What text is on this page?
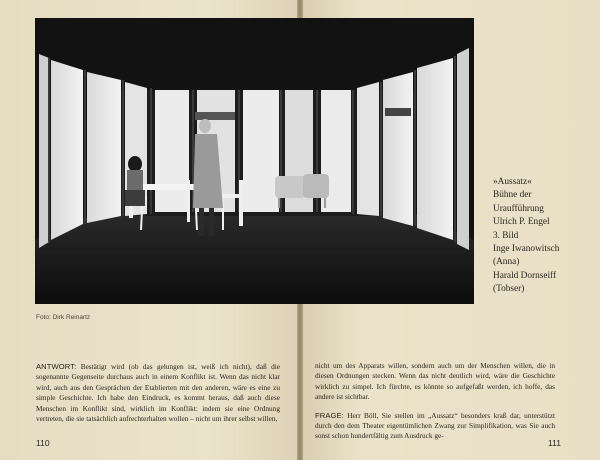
Foto: Dirk Reinartz
»Aussatz«
Bühne der
Uraufführung
Ulrich P. Engel
3. Bild
Inge Iwanowitsch
(Anna)
Harald Dornseiff
(Tobser)

ANTWORT: Bestätigt wird (ob das gelungen ist, weiß ich nicht), daß die sogenannte Gegenseite durchaus auch in einem Konflikt ist. Wenn das nicht klar wird, auch aus den Gesprächen der Etablierten mit den anderen, wäre es eine zu simple Geschichte. Ich habe den Eindruck, es kommt heraus, daß auch diese Menschen im Konflikt sind, wirklich im Konflikt: indem sie eine Ordnung vertreten, die sie tatsächlich aufrechterhalten wollen – nicht um ihrer selbst willen,

nicht um des Apparats willen, sondern auch um der Menschen willen, die in diesen Ordnungen stecken. Wenn das nicht deutlich wird, wäre die Geschichte wirklich zu simpel. Ich fürchte, es könnte so aufgefaßt werden, ich hoffe, das andere ist sichtbar.

FRAGE: Herr Böll, Sie stellen im „Aussatz“ besonders kraß dar, unterstützt durch den dem Theater eigentümlichen Zwang zur Simplifikation, was Sie auch sonst schon hundertfältig zum Ausdruck ge-

110	111
